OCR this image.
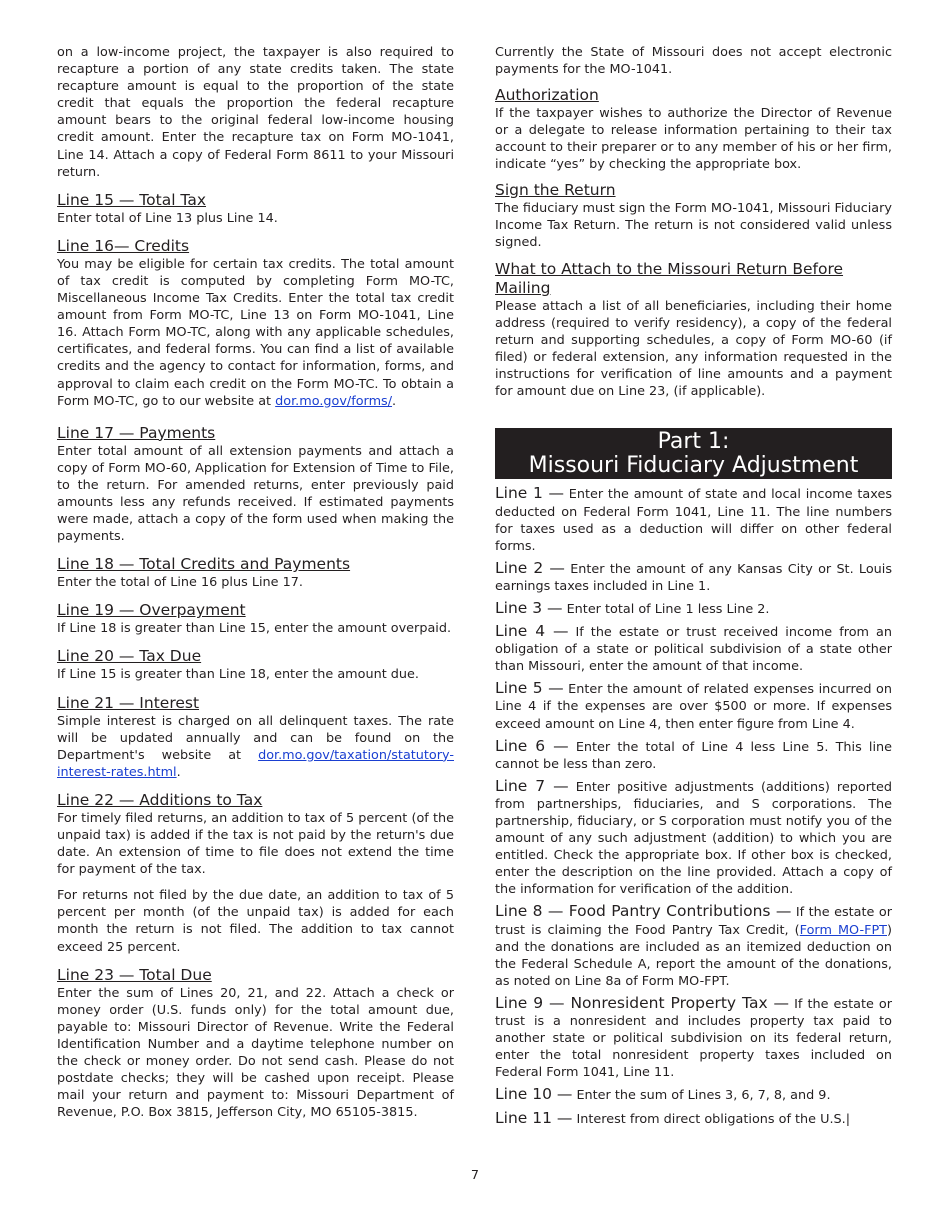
on a low-income project, the taxpayer is also required to recapture a portion of any state credits taken. The state recapture amount is equal to the proportion of the state credit that equals the proportion the federal recapture amount bears to the original federal low-income housing credit amount. Enter the recapture tax on Form MO-1041, Line 14. Attach a copy of Federal Form 8611 to your Missouri return.

Line 15 — Total Tax

Enter total of Line 13 plus Line 14.

Line 16— Credits

You may be eligible for certain tax credits. The total amount of tax credit is computed by completing Form MO-TC, Miscellaneous Income Tax Credits. Enter the total tax credit amount from Form MO-TC, Line 13 on Form MO-1041, Line 16. Attach Form MO-TC, along with any applicable schedules, certificates, and federal forms. You can find a list of available credits and the agency to contact for information, forms, and approval to claim each credit on the Form MO-TC. To obtain a Form MO-TC, go to our website at dor.mo.gov/forms/.

Line 17 — Payments

Enter total amount of all extension payments and attach a copy of Form MO-60, Application for Extension of Time to File, to the return. For amended returns, enter previously paid amounts less any refunds received. If estimated payments were made, attach a copy of the form used when making the payments.

Line 18 — Total Credits and Payments

Enter the total of Line 16 plus Line 17.

Line 19 — Overpayment

If Line 18 is greater than Line 15, enter the amount overpaid.

Line 20 — Tax Due

If Line 15 is greater than Line 18, enter the amount due.

Line 21 — Interest

Simple interest is charged on all delinquent taxes. The rate will be updated annually and can be found on the Department's website at dor.mo.gov/taxation/statutory-interest-rates.html.

Line 22 — Additions to Tax

For timely filed returns, an addition to tax of 5 percent (of the unpaid tax) is added if the tax is not paid by the return's due date. An extension of time to file does not extend the time for payment of the tax.

For returns not filed by the due date, an addition to tax of 5 percent per month (of the unpaid tax) is added for each month the return is not filed. The addition to tax cannot exceed 25 percent.

Line 23 — Total Due

Enter the sum of Lines 20, 21, and 22. Attach a check or money order (U.S. funds only) for the total amount due, payable to: Missouri Director of Revenue. Write the Federal Identification Number and a daytime telephone number on the check or money order. Do not send cash. Please do not postdate checks; they will be cashed upon receipt. Please mail your return and payment to: Missouri Department of Revenue, P.O. Box 3815, Jefferson City, MO 65105-3815.

Currently the State of Missouri does not accept electronic payments for the MO-1041.

Authorization

If the taxpayer wishes to authorize the Director of Revenue or a delegate to release information pertaining to their tax account to their preparer or to any member of his or her firm, indicate “yes” by checking the appropriate box.

Sign the Return

The fiduciary must sign the Form MO-1041, Missouri Fiduciary Income Tax Return. The return is not considered valid unless signed.

What to Attach to the Missouri Return Before Mailing

Please attach a list of all beneficiaries, including their home address (required to verify residency), a copy of the federal return and supporting schedules, a copy of Form MO-60 (if filed) or federal extension, any information requested in the instructions for verification of line amounts and a payment for amount due on Line 23, (if applicable).

Part 1:
Missouri Fiduciary Adjustment

Line 1 — Enter the amount of state and local income taxes deducted on Federal Form 1041, Line 11. The line numbers for taxes used as a deduction will differ on other federal forms.

Line 2 — Enter the amount of any Kansas City or St. Louis earnings taxes included in Line 1.

Line 3 — Enter total of Line 1 less Line 2.

Line 4 — If the estate or trust received income from an obligation of a state or political subdivision of a state other than Missouri, enter the amount of that income.

Line 5 — Enter the amount of related expenses incurred on Line 4 if the expenses are over $500 or more. If expenses exceed amount on Line 4, then enter figure from Line 4.

Line 6 — Enter the total of Line 4 less Line 5. This line cannot be less than zero.

Line 7 — Enter positive adjustments (additions) reported from partnerships, fiduciaries, and S corporations. The partnership, fiduciary, or S corporation must notify you of the amount of any such adjustment (addition) to which you are entitled. Check the appropriate box. If other box is checked, enter the description on the line provided. Attach a copy of the information for verification of the addition.

Line 8 — Food Pantry Contributions — If the estate or trust is claiming the Food Pantry Tax Credit, (Form MO-FPT) and the donations are included as an itemized deduction on the Federal Schedule A, report the amount of the donations, as noted on Line 8a of Form MO-FPT.

Line 9 — Nonresident Property Tax — If the estate or trust is a nonresident and includes property tax paid to another state or political subdivision on its federal return, enter the total nonresident property taxes included on Federal Form 1041, Line 11.

Line 10 — Enter the sum of Lines 3, 6, 7, 8, and 9.

Line 11 — Interest from direct obligations of the U.S.|

7
